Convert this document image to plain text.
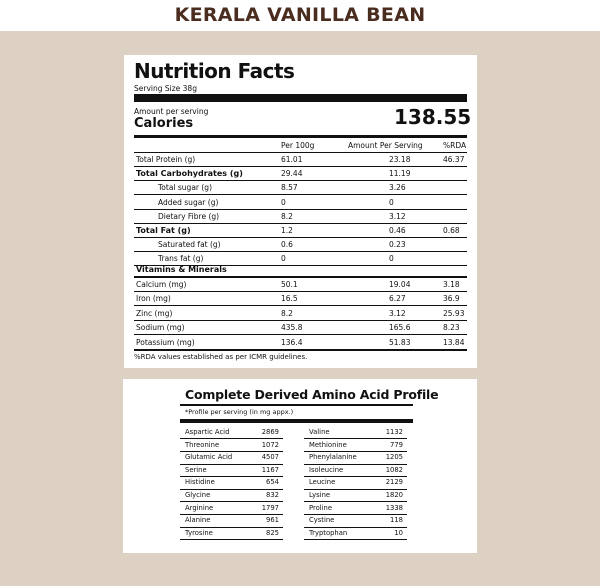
KERALA VANILLA BEAN
Nutrition Facts
Serving Size 38g
Amount per serving
Calories	138.55
Per 100g	Amount Per Serving	%RDA
Total Protein (g)	61.01	23.18	46.37
Total Carbohydrates (g)	29.44	11.19
Total sugar (g)	8.57	3.26
Added sugar (g)	0	0
Dietary Fibre (g)	8.2	3.12
Total Fat (g)	1.2	0.46	0.68
Saturated fat (g)	0.6	0.23
Trans fat (g)	0	0
Vitamins & Minerals
Calcium (mg)	50.1	19.04	3.18
Iron (mg)	16.5	6.27	36.9
Zinc (mg)	8.2	3.12	25.93
Sodium (mg)	435.8	165.6	8.23
Potassium (mg)	136.4	51.83	13.84
%RDA values established as per ICMR guidelines.
Complete Derived Amino Acid Profile
*Profile per serving (in mg appx.)
Aspartic Acid	2869
Threonine	1072
Glutamic Acid	4507
Serine	1167
Histidine	654
Glycine	832
Arginine	1797
Alanine	961
Tyrosine	825
Valine	1132
Methionine	779
Phenylalanine	1205
Isoleucine	1082
Leucine	2129
Lysine	1820
Proline	1338
Cystine	118
Tryptophan	10
